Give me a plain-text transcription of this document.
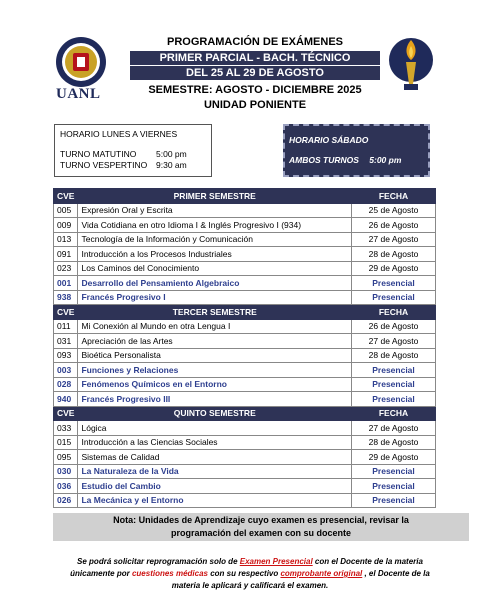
UANL
PROGRAMACIÓN DE EXÁMENES
PRIMER PARCIAL - BACH. TÉCNICO
DEL 25 AL 29 DE AGOSTO
SEMESTRE: AGOSTO - DICIEMBRE 2025
UNIDAD PONIENTE
HORARIO LUNES A VIERNES
TURNO MATUTINO	5:00 pm
TURNO VESPERTINO	9:30 am
HORARIO SÁBADO
AMBOS TURNOS 5:00 pm
CVE	PRIMER SEMESTRE	FECHA
005	Expresión Oral y Escrita	25 de Agosto
009	Vida Cotidiana en otro Idioma I & Inglés Progresivo I (934)	26 de Agosto
013	Tecnología de la Información y Comunicación	27 de Agosto
091	Introducción a los Procesos Industriales	28 de Agosto
023	Los Caminos del Conocimiento	29 de Agosto
001	Desarrollo del Pensamiento Algebraico	Presencial
938	Francés Progresivo I	Presencial
CVE	TERCER SEMESTRE	FECHA
011	Mi Conexión al Mundo en otra Lengua I	26 de Agosto
031	Apreciación de las Artes	27 de Agosto
093	Bioética Personalista	28 de Agosto
003	Funciones y Relaciones	Presencial
028	Fenómenos Químicos en el Entorno	Presencial
940	Francés Progresivo III	Presencial
CVE	QUINTO SEMESTRE	FECHA
033	Lógica	27 de Agosto
015	Introducción a las Ciencias Sociales	28 de Agosto
095	Sistemas de Calidad	29 de Agosto
030	La Naturaleza de la Vida	Presencial
036	Estudio del Cambio	Presencial
026	La Mecánica y el Entorno	Presencial
Nota: Unidades de Aprendizaje cuyo examen es presencial, revisar la
programación del examen con su docente
Se podrá solicitar reprogramación solo de Examen Presencial con el Docente de la materia
únicamente por cuestiones médicas con su respectivo comprobante original , el Docente de la
materia le aplicará y calificará el examen.
